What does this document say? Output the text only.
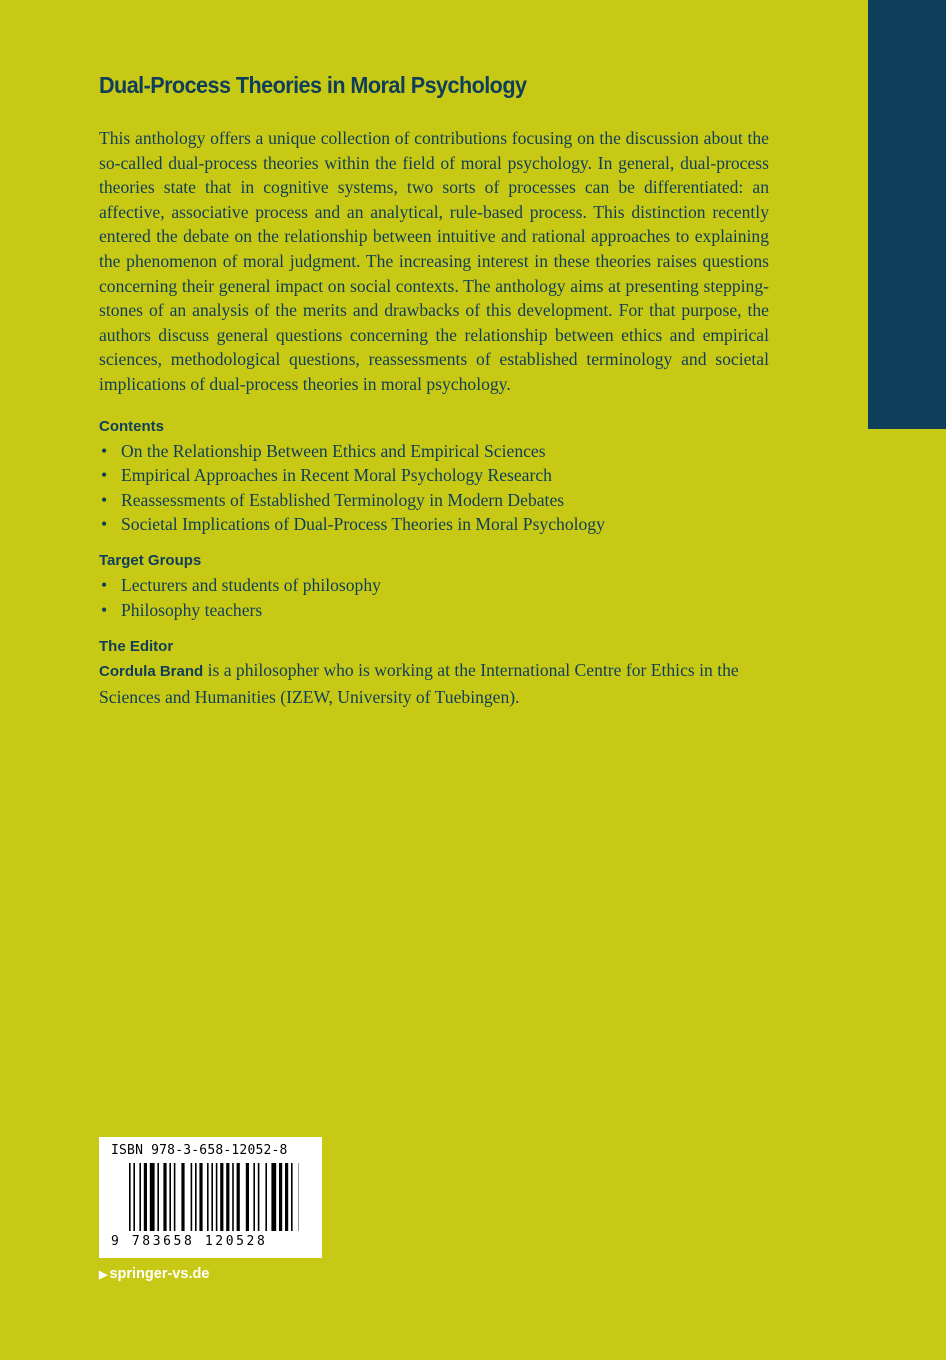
Dual-Process Theories in Moral Psychology

This anthology offers a unique collection of contributions focusing on the discussion about the so-called dual-process theories within the field of moral psychology. In general, dual-process theories state that in cognitive systems, two sorts of processes can be differentiated: an affective, associative process and an analytical, rule-based process. This distinction recently entered the debate on the relationship between intuitive and rational approaches to explaining the phenomenon of moral judgment. The increasing interest in these theories raises questions concerning their general impact on social contexts. The anthology aims at presenting stepping-stones of an analysis of the merits and drawbacks of this development. For that purpose, the authors discuss general questions concerning the relationship between ethics and empirical sciences, methodological questions, reassessments of established terminology and societal implications of dual-process theories in moral psychology.

Contents
• On the Relationship Between Ethics and Empirical Sciences
• Empirical Approaches in Recent Moral Psychology Research
• Reassessments of Established Terminology in Modern Debates
• Societal Implications of Dual-Process Theories in Moral Psychology
Target Groups
• Lecturers and students of philosophy
• Philosophy teachers
The Editor

Cordula Brand is a philosopher who is working at the International Centre for Ethics in the Sciences and Humanities (IZEW, University of Tuebingen).

ISBN 978-3-658-12052-8
9 783658 120528
▶ springer-vs.de
